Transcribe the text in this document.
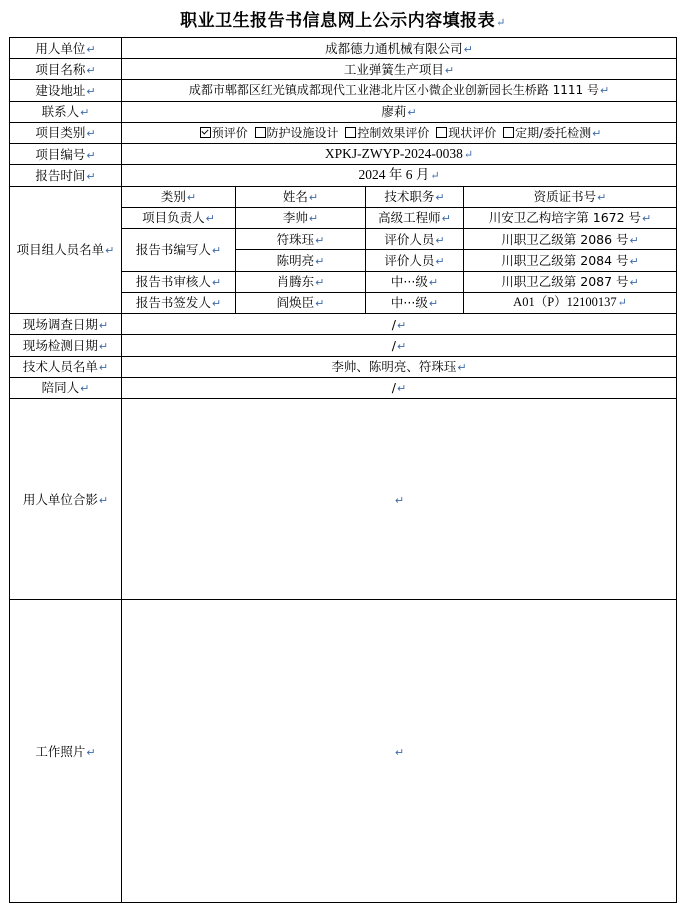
职业卫生报告书信息网上公示内容填报表↵
用人单位↵	成都德力通机械有限公司↵			
项目名称↵	工业弹簧生产项目↵			
建设地址↵	成都市郫都区红光镇成都现代工业港北片区小微企业创新园长生桥路 1111 号↵			
联系人↵	廖莉↵			
项目类别↵	预评价 防护设施设计 控制效果评价 现状评价 定期/委托检测↵			
项目编号↵	XPKJ-ZWYP-2024-0038↵			
报告时间↵	2024 年 6 月↵			
项目组人员名单↵	类别↵	姓名↵	技术职务↵	资质证书号↵
	项目负责人↵	李帅↵	高级工程师↵	川安卫乙构培字第 1672 号↵
	报告书编写人↵	符珠珏↵	评价人员↵	川职卫乙级第 2086 号↵
		陈明亮↵	评价人员↵	川职卫乙级第 2084 号↵
	报告书审核人↵	肖腾东↵	中···级↵	川职卫乙级第 2087 号↵
	报告书签发人↵	阎焕臣↵	中···级↵	A01（P）12100137↵
现场调查日期↵	/↵			
现场检测日期↵	/↵			
技术人员名单↵	李帅、陈明亮、符珠珏↵			
陪同人↵	/↵			
用人单位合影↵	↵			
工作照片↵	↵			
